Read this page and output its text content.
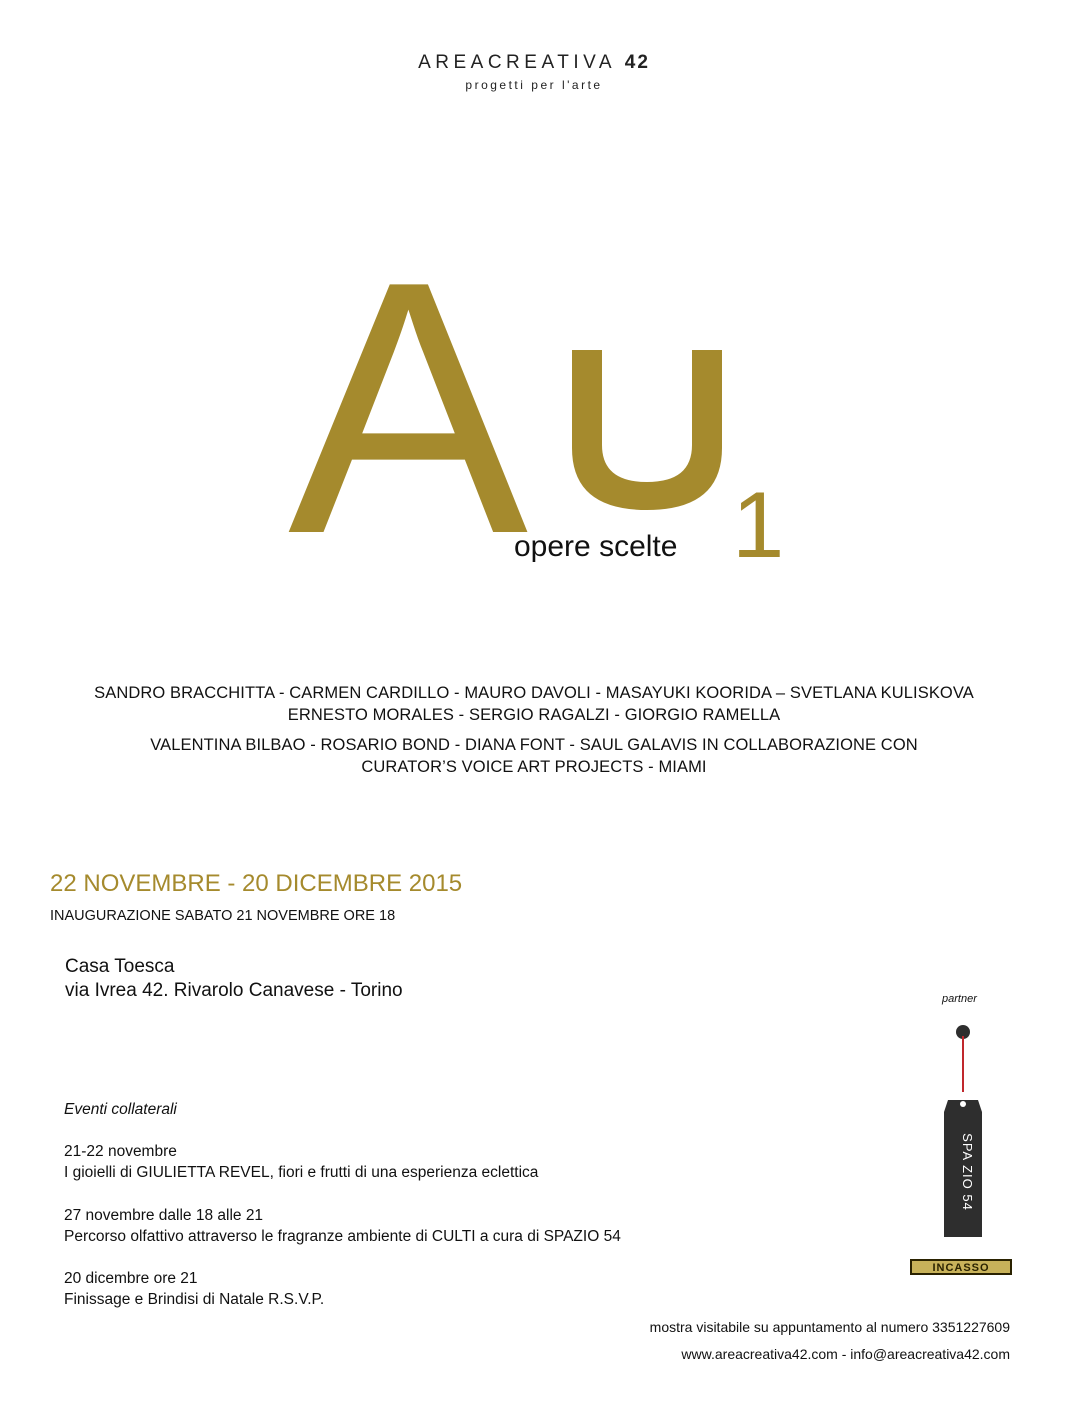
AREACREATIVA 42
progetti per l'arte
A 1
opere scelte
SANDRO BRACCHITTA - CARMEN CARDILLO - MAURO DAVOLI - MASAYUKI KOORIDA – SVETLANA KULISKOVA
ERNESTO MORALES - SERGIO RAGALZI - GIORGIO RAMELLA
VALENTINA BILBAO - ROSARIO BOND - DIANA FONT - SAUL GALAVIS IN COLLABORAZIONE CON
CURATOR’S VOICE ART PROJECTS - MIAMI
22 NOVEMBRE - 20 DICEMBRE 2015
INAUGURAZIONE SABATO 21 NOVEMBRE ORE 18
Casa Toesca
via Ivrea 42. Rivarolo Canavese - Torino
Eventi collaterali
21-22 novembre
I gioielli di GIULIETTA REVEL, fiori e frutti di una esperienza eclettica
27 novembre dalle 18 alle 21
Percorso olfattivo attraverso le fragranze ambiente di CULTI a cura di SPAZIO 54
20 dicembre ore 21
Finissage e Brindisi di Natale R.S.V.P.
partner
SPA ZIO 54
INCASSO
mostra visitabile su appuntamento al numero 3351227609
www.areacreativa42.com - info@areacreativa42.com
